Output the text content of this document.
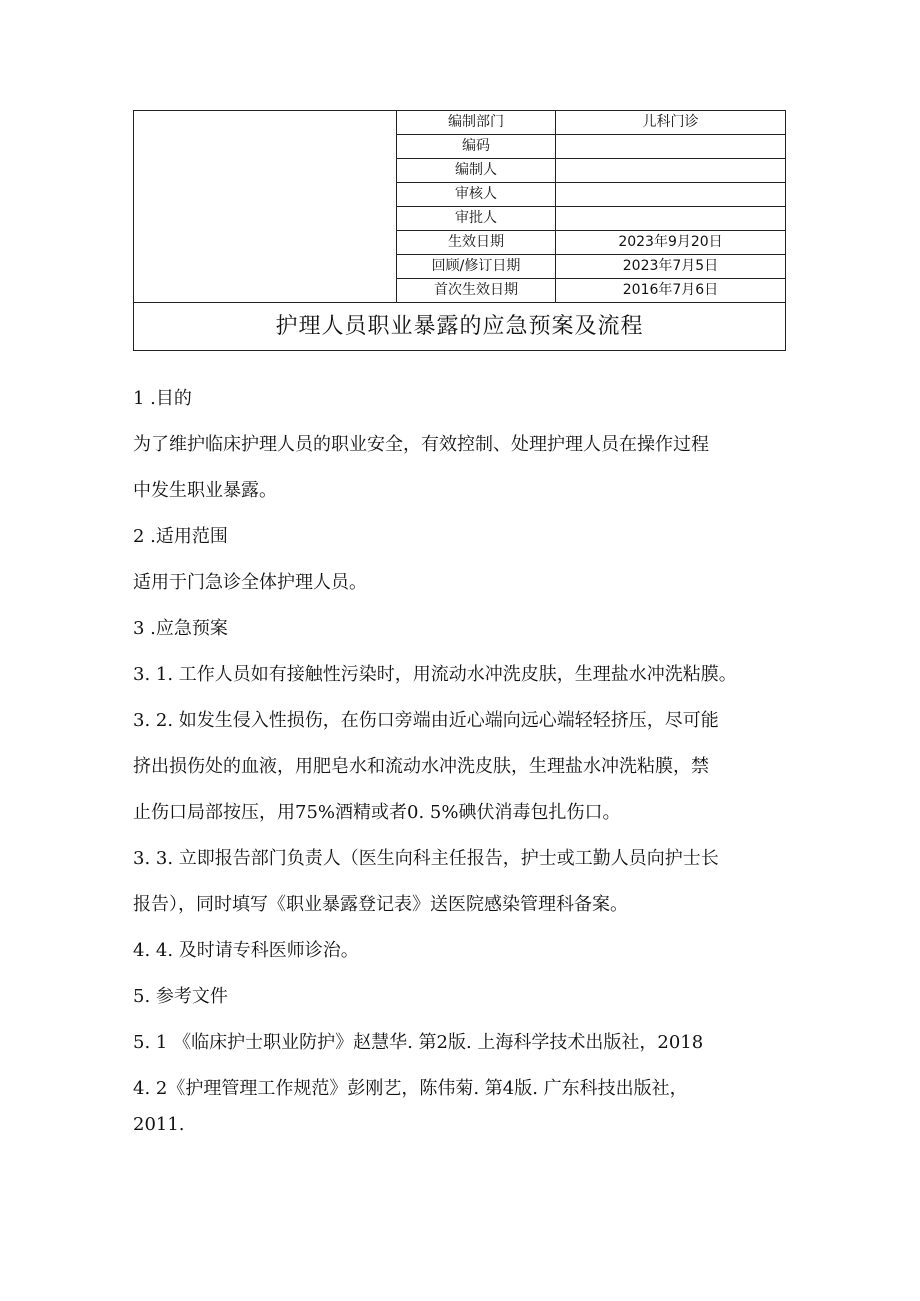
	编制部门	儿科门诊
	编码	
	编制人	
	审核人	
	审批人	
	生效日期	2023年9月20日
	回顾/修订日期	2023年7月5日
	首次生效日期	2016年7月6日
护理人员职业暴露的应急预案及流程		

1 .目的

为了维护临床护理人员的职业安全，有效控制、处理护理人员在操作过程

中发生职业暴露。

2 .适用范围

适用于门急诊全体护理人员。

3 .应急预案

3. 1. 工作人员如有接触性污染时，用流动水冲洗皮肤，生理盐水冲洗粘膜。

3. 2. 如发生侵入性损伤，在伤口旁端由近心端向远心端轻轻挤压，尽可能

挤出损伤处的血液，用肥皂水和流动水冲洗皮肤，生理盐水冲洗粘膜，禁

止伤口局部按压，用75%酒精或者0. 5%碘伏消毒包扎伤口。

3. 3. 立即报告部门负责人（医生向科主任报告，护士或工勤人员向护士长

报告），同时填写《职业暴露登记表》送医院感染管理科备案。

4. 4. 及时请专科医师诊治。

5. 参考文件

5. 1 《临床护士职业防护》赵慧华. 第2版. 上海科学技术出版社，2018

4. 2《护理管理工作规范》彭刚艺，陈伟菊. 第4版. 广东科技出版社，

2011.
